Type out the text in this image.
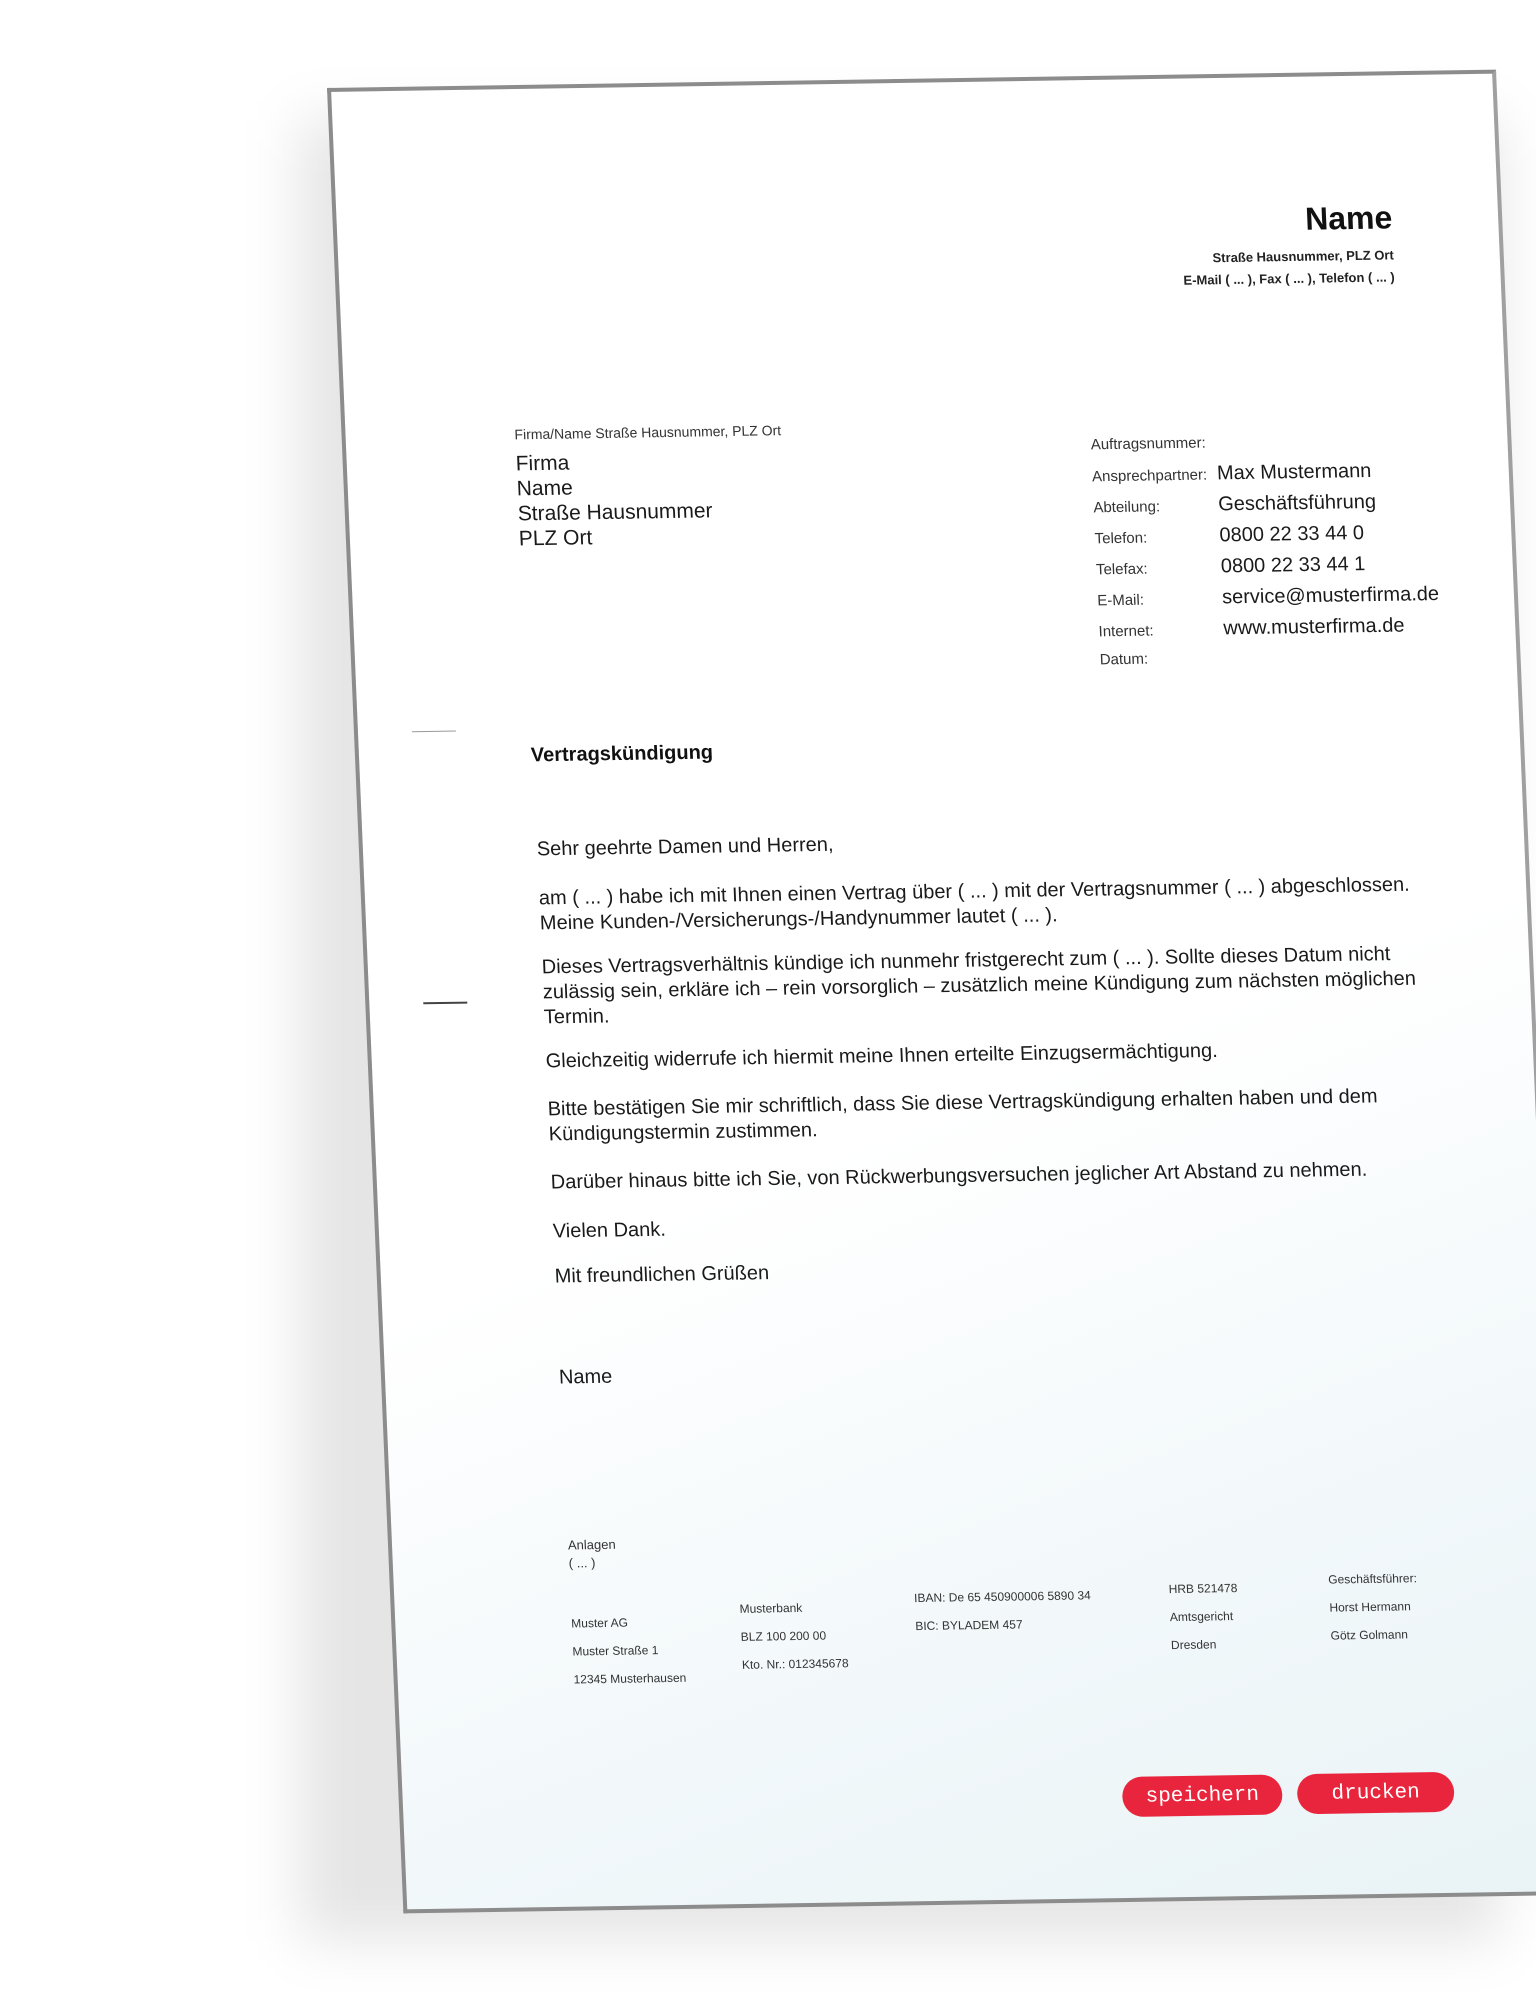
Name
Straße Hausnummer, PLZ Ort
E-Mail ( ... ), Fax ( ... ), Telefon ( ... )
Firma/Name Straße Hausnummer, PLZ Ort
Firma
Name
Straße Hausnummer
PLZ Ort
Auftragsnummer:
Ansprechpartner: Max Mustermann
Abteilung:	Geschäftsführung
Telefon:	0800 22 33 44 0
Telefax:	0800 22 33 44 1
E-Mail:	service@musterfirma.de
Internet:	www.musterfirma.de
Datum:
Vertragskündigung
Sehr geehrte Damen und Herren,
am ( ... ) habe ich mit Ihnen einen Vertrag über ( ... ) mit der Vertragsnummer ( ... ) abgeschlossen. Meine Kunden-/Versicherungs-/Handynummer lautet ( ... ).
Dieses Vertragsverhältnis kündige ich nunmehr fristgerecht zum ( ... ). Sollte dieses Datum nicht zulässig sein, erkläre ich – rein vorsorglich – zusätzlich meine Kündigung zum nächsten möglichen Termin.
Gleichzeitig widerrufe ich hiermit meine Ihnen erteilte Einzugsermächtigung.
Bitte bestätigen Sie mir schriftlich, dass Sie diese Vertragskündigung erhalten haben und dem Kündigungstermin zustimmen.
Darüber hinaus bitte ich Sie, von Rückwerbungsversuchen jeglicher Art Abstand zu nehmen.
Vielen Dank.
Mit freundlichen Grüßen
Name
Anlagen
( ... )
Muster AG
Muster Straße 1
12345 Musterhausen
Musterbank
BLZ 100 200 00
Kto. Nr.: 012345678
IBAN: De 65 450900006 5890 34
BIC: BYLADEM 457
HRB 521478
Amtsgericht
Dresden
Geschäftsführer:
Horst Hermann
Götz Golmann
speichern	drucken
